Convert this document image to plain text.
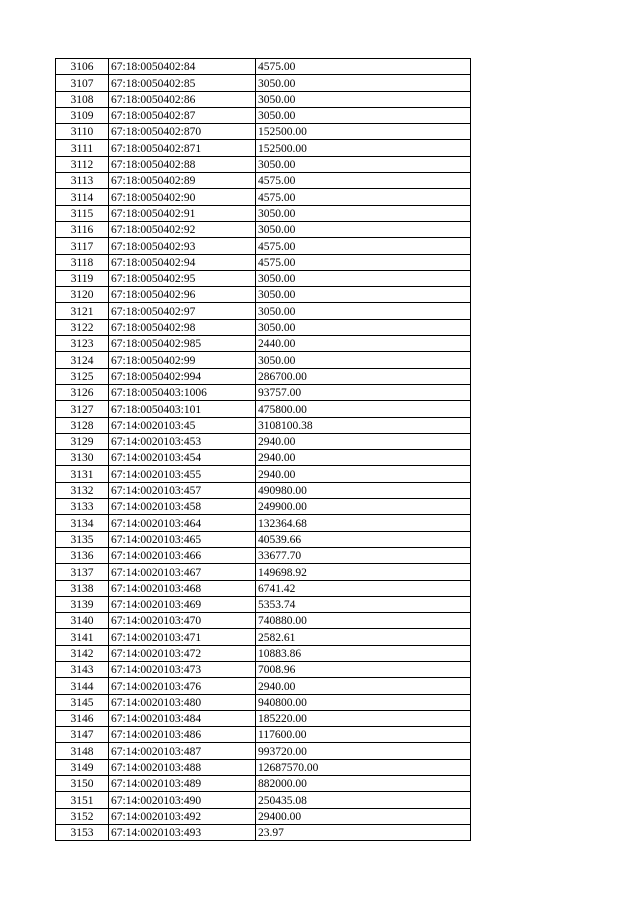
3106	67:18:0050402:84	4575.00
3107	67:18:0050402:85	3050.00
3108	67:18:0050402:86	3050.00
3109	67:18:0050402:87	3050.00
3110	67:18:0050402:870	152500.00
3111	67:18:0050402:871	152500.00
3112	67:18:0050402:88	3050.00
3113	67:18:0050402:89	4575.00
3114	67:18:0050402:90	4575.00
3115	67:18:0050402:91	3050.00
3116	67:18:0050402:92	3050.00
3117	67:18:0050402:93	4575.00
3118	67:18:0050402:94	4575.00
3119	67:18:0050402:95	3050.00
3120	67:18:0050402:96	3050.00
3121	67:18:0050402:97	3050.00
3122	67:18:0050402:98	3050.00
3123	67:18:0050402:985	2440.00
3124	67:18:0050402:99	3050.00
3125	67:18:0050402:994	286700.00
3126	67:18:0050403:1006	93757.00
3127	67:18:0050403:101	475800.00
3128	67:14:0020103:45	3108100.38
3129	67:14:0020103:453	2940.00
3130	67:14:0020103:454	2940.00
3131	67:14:0020103:455	2940.00
3132	67:14:0020103:457	490980.00
3133	67:14:0020103:458	249900.00
3134	67:14:0020103:464	132364.68
3135	67:14:0020103:465	40539.66
3136	67:14:0020103:466	33677.70
3137	67:14:0020103:467	149698.92
3138	67:14:0020103:468	6741.42
3139	67:14:0020103:469	5353.74
3140	67:14:0020103:470	740880.00
3141	67:14:0020103:471	2582.61
3142	67:14:0020103:472	10883.86
3143	67:14:0020103:473	7008.96
3144	67:14:0020103:476	2940.00
3145	67:14:0020103:480	940800.00
3146	67:14:0020103:484	185220.00
3147	67:14:0020103:486	117600.00
3148	67:14:0020103:487	993720.00
3149	67:14:0020103:488	12687570.00
3150	67:14:0020103:489	882000.00
3151	67:14:0020103:490	250435.08
3152	67:14:0020103:492	29400.00
3153	67:14:0020103:493	23.97
